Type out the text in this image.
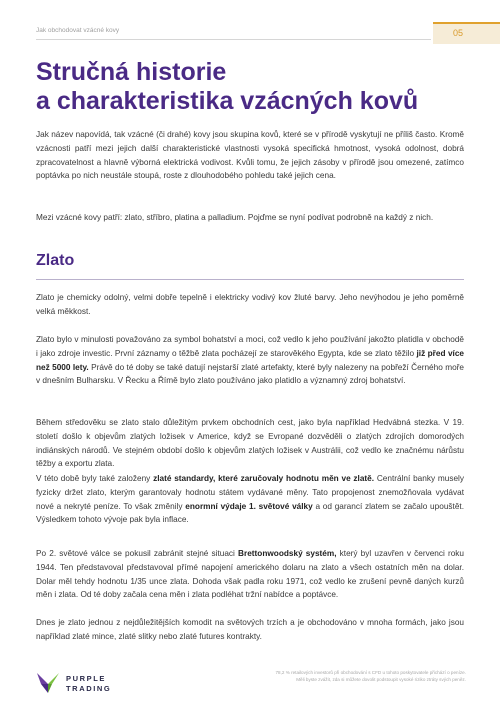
Jak obchodovat vzácné kovy	05
Stručná historie
a charakteristika vzácných kovů

Jak název napovídá, tak vzácné (či drahé) kovy jsou skupina kovů, které se v přírodě vyskytují ne příliš často. Kromě vzácnosti patří mezi jejich další charakteristické vlastnosti vysoká specifická hmotnost, vysoká odolnost, dobrá zpracovatelnost a hlavně výborná elektrická vodivost. Kvůli tomu, že jejich zásoby v přírodě jsou omezené, zatímco poptávka po nich neustále stoupá, roste z dlouhodobého pohledu také jejich cena.

Mezi vzácné kovy patří: zlato, stříbro, platina a palladium. Pojďme se nyní podívat podrobně na každý z nich.

Zlato

Zlato je chemicky odolný, velmi dobře tepelně i elektricky vodivý kov žluté barvy. Jeho nevýhodou je jeho poměrně velká měkkost.

Zlato bylo v minulosti považováno za symbol bohatství a moci, což vedlo k jeho používání jakožto platidla v obchodě i jako zdroje investic. První záznamy o těžbě zlata pocházejí ze starověkého Egypta, kde se zlato těžilo již před více než 5000 lety. Právě do té doby se také datují nejstarší zlaté artefakty, které byly nalezeny na pobřeží Černého moře v dnešním Bulharsku. V Řecku a Římě bylo zlato používáno jako platidlo a významný zdroj bohatství.

Během středověku se zlato stalo důležitým prvkem obchodních cest, jako byla například Hedvábná stezka. V 19. století došlo k objevům zlatých ložisek v Americe, když se Evropané dozvěděli o zlatých zdrojích domorodých indiánských národů. Ve stejném období došlo k objevům zlatých ložisek v Austrálii, což vedlo ke značnému nárůstu těžby a exportu zlata.

V této době byly také založeny zlaté standardy, které zaručovaly hodnotu měn ve zlatě. Centrální banky musely fyzicky držet zlato, kterým garantovaly hodnotu státem vydávané měny. Tato propojenost znemožňovala vydávat nové a nekryté peníze. To však změnily enormní výdaje 1. světové války a od garancí zlatem se začalo upouštět. Výsledkem tohoto vývoje pak byla inflace.

Po 2. světové válce se pokusil zabránit stejné situaci Brettonwoodský systém, který byl uzavřen v červenci roku 1944. Ten představoval představoval přímé napojení amerického dolaru na zlato a všech ostatních měn na dolar. Dolar měl tehdy hodnotu 1/35 unce zlata. Dohoda však padla roku 1971, což vedlo ke zrušení pevně daných kurzů měn i zlata. Od té doby začala cena měn i zlata podléhat tržní nabídce a poptávce.

Dnes je zlato jednou z nejdůležitějších komodit na světových trzích a je obchodováno v mnoha formách, jako jsou například zlaté mince, zlaté slitky nebo zlaté futures kontrakty.

PURPLE
TRADING

78,2 % retailových investorů při obchodování s CFD u tohoto poskytovatele přichází o peníze.
Měli byste zvážit, zda si můžete dovolit podstoupit vysoké riziko ztráty svých peněz.
